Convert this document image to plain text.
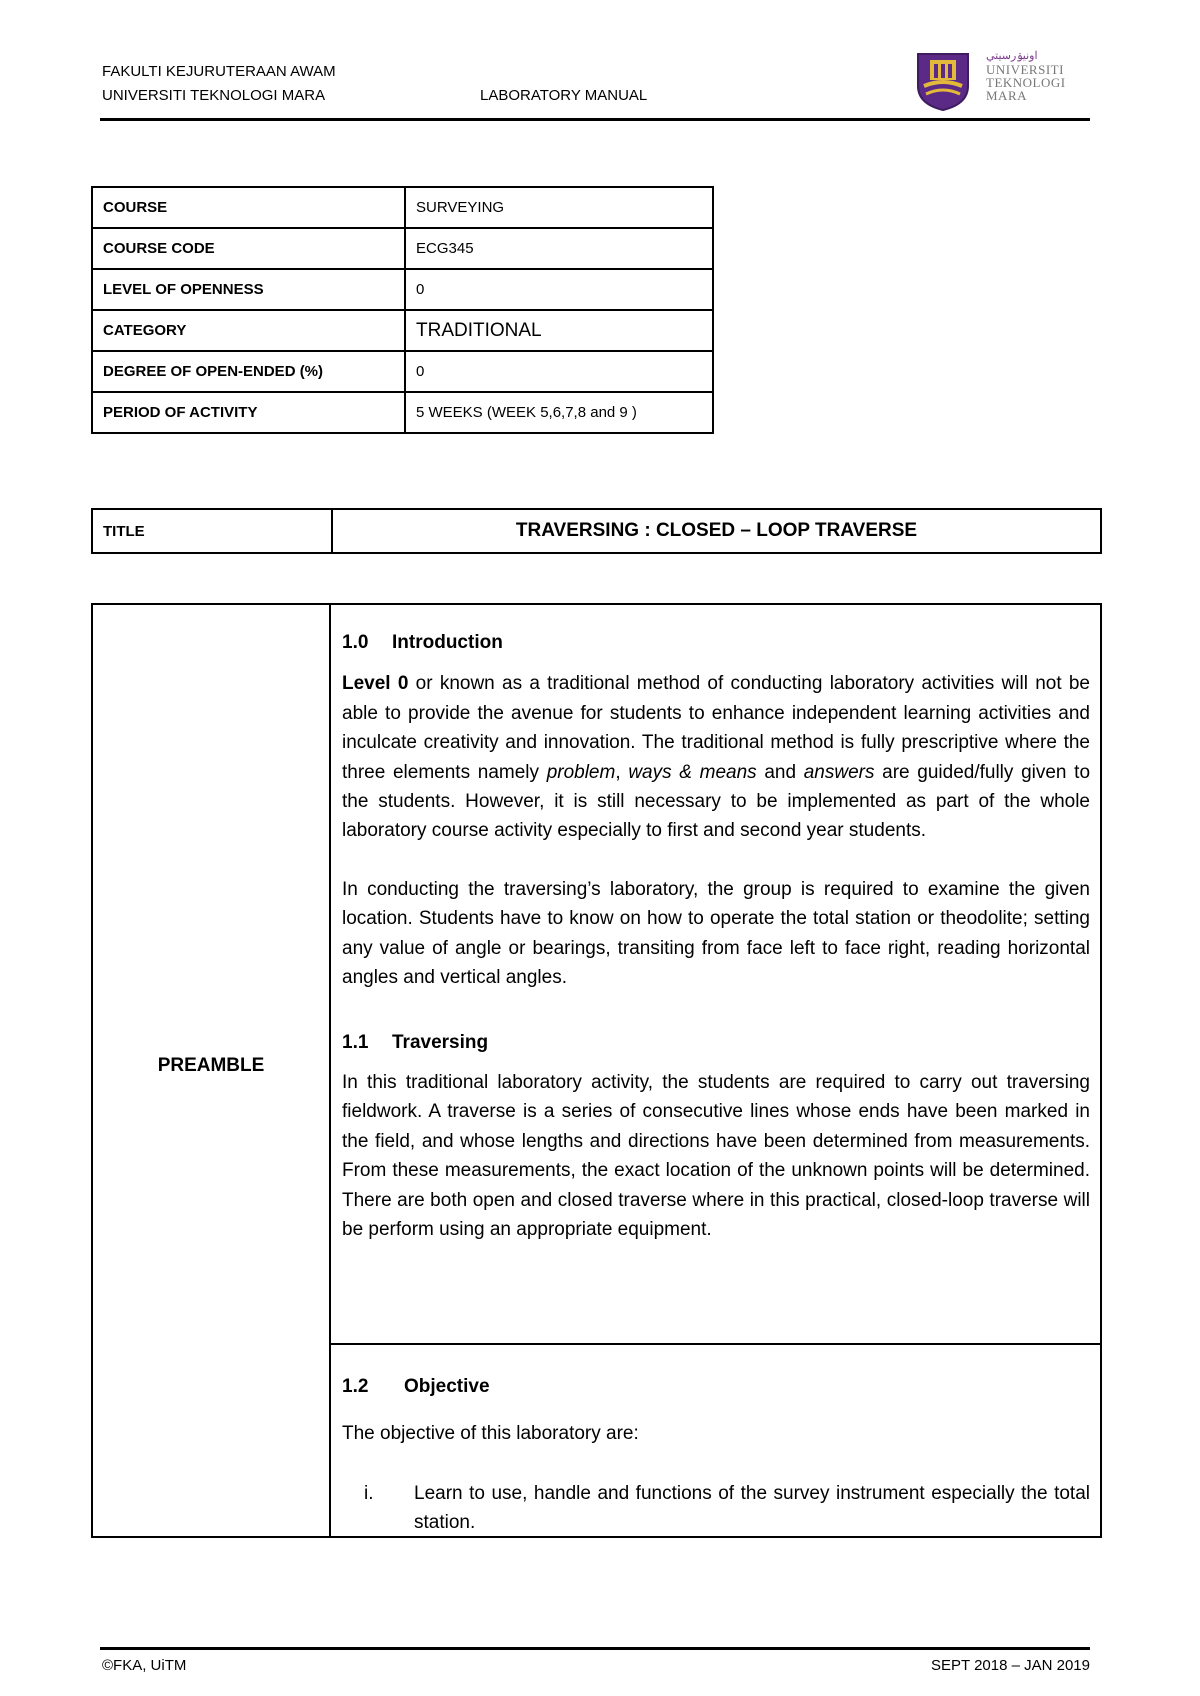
FAKULTI KEJURUTERAAN AWAM
UNIVERSITI TEKNOLOGI MARA	LABORATORY MANUAL
اونيۏرسيتي
UNIVERSITI
TEKNOLOGI
MARA
COURSE	SURVEYING
COURSE CODE	ECG345
LEVEL OF OPENNESS	0
CATEGORY	TRADITIONAL
DEGREE OF OPEN-ENDED (%)	0
PERIOD OF ACTIVITY	5 WEEKS (WEEK 5,6,7,8 and 9 )
TITLE	TRAVERSING : CLOSED – LOOP TRAVERSE
PREAMBLE
1.0 Introduction

Level 0 or known as a traditional method of conducting laboratory activities will not be able to provide the avenue for students to enhance independent learning activities and inculcate creativity and innovation. The traditional method is fully prescriptive where the three elements namely problem, ways & means and answers are guided/fully given to the students. However, it is still necessary to be implemented as part of the whole laboratory course activity especially to first and second year students.

In conducting the traversing’s laboratory, the group is required to examine the given location. Students have to know on how to operate the total station or theodolite; setting any value of angle or bearings, transiting from face left to face right, reading horizontal angles and vertical angles.

1.1 Traversing

In this traditional laboratory activity, the students are required to carry out traversing fieldwork. A traverse is a series of consecutive lines whose ends have been marked in the field, and whose lengths and directions have been determined from measurements. From these measurements, the exact location of the unknown points will be determined. There are both open and closed traverse where in this practical, closed-loop traverse will be perform using an appropriate equipment.

1.2 Objective

The objective of this laboratory are:

i.	Learn to use, handle and functions of the survey instrument especially the total station.
©FKA, UiTM	SEPT 2018 – JAN 2019
